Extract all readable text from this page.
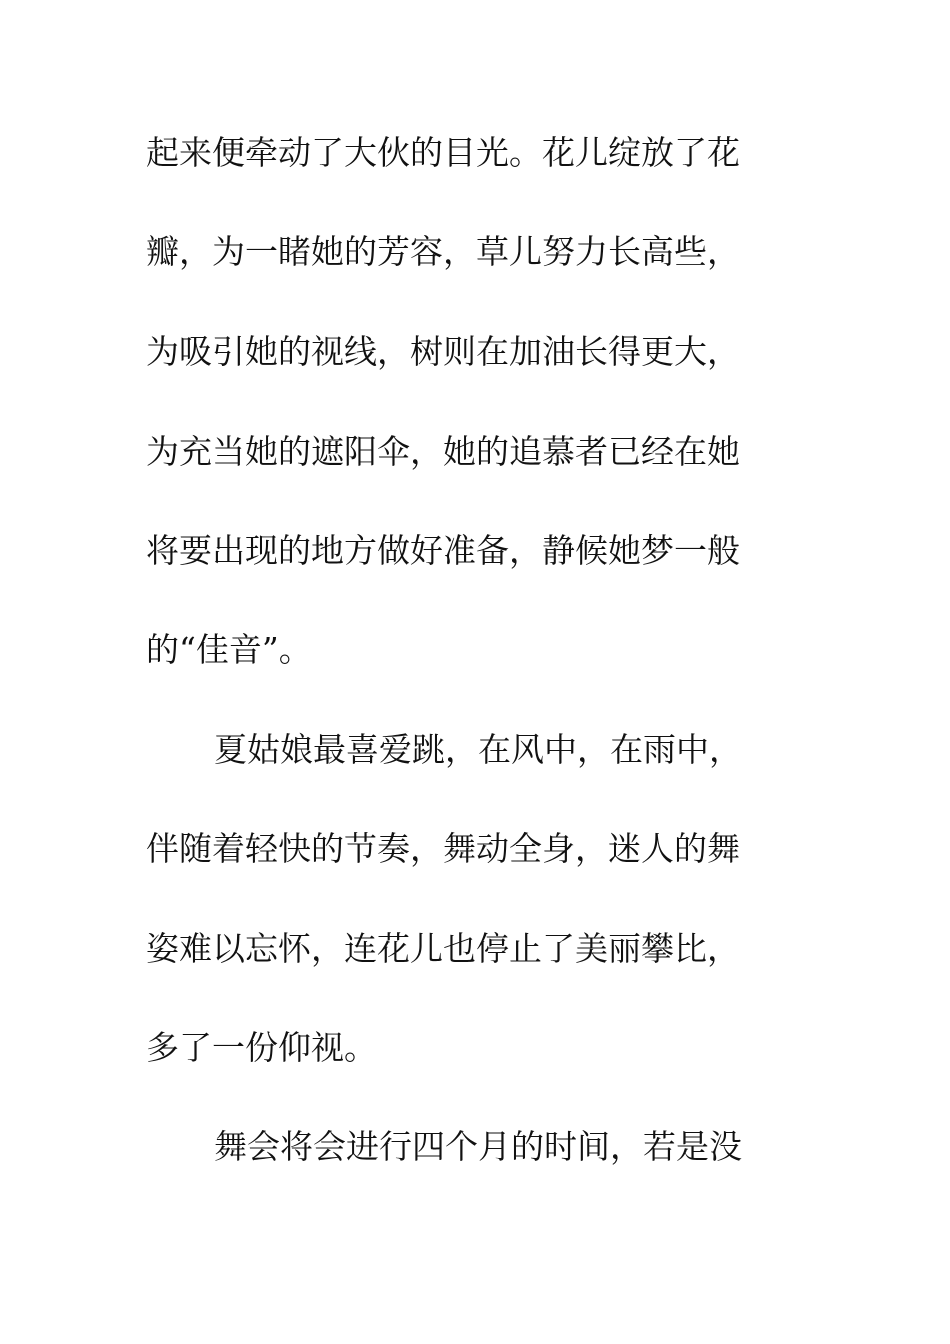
起来便牵动了大伙的目光。花儿绽放了花
瓣，为一睹她的芳容，草儿努力长高些，
为吸引她的视线，树则在加油长得更大，
为充当她的遮阳伞，她的追慕者已经在她
将要出现的地方做好准备，静候她梦一般
的“佳音”。
夏姑娘最喜爱跳，在风中，在雨中，
伴随着轻快的节奏，舞动全身，迷人的舞
姿难以忘怀，连花儿也停止了美丽攀比，
多了一份仰视。
舞会将会进行四个月的时间，若是没
